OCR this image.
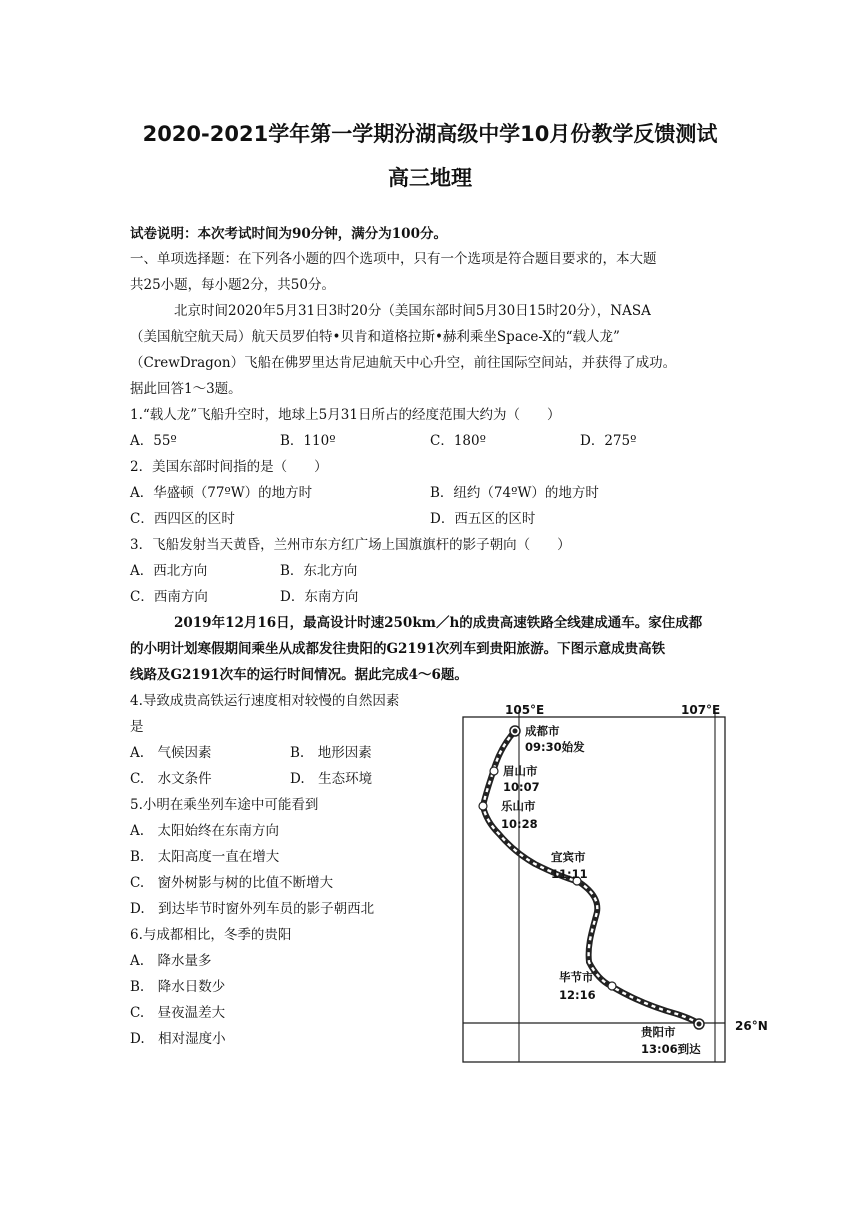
2020-2021学年第一学期汾湖高级中学10月份教学反馈测试
高三地理
试卷说明：本次考试时间为90分钟，满分为100分。
一、单项选择题：在下列各小题的四个选项中，只有一个选项是符合题目要求的，本大题
共25小题，每小题2分，共50分。
北京时间2020年5月31日3时20分（美国东部时间5月30日15时20分），NASA
（美国航空航天局）航天员罗伯特•贝肯和道格拉斯•赫利乘坐Space-X的“载人龙”
（CrewDragon）飞船在佛罗里达肯尼迪航天中心升空，前往国际空间站，并获得了成功。
据此回答1～3题。
1.“载人龙”飞船升空时，地球上5月31日所占的经度范围大约为（　　）
A．55º	B．110º	C．180º	D．275º
2．美国东部时间指的是（　　）
A．华盛顿（77ºW）的地方时	B．纽约（74ºW）的地方时
C．西四区的区时	D．西五区的区时
3．飞船发射当天黄昏，兰州市东方红广场上国旗旗杆的影子朝向（　　）
A．西北方向	B．东北方向
C．西南方向	D．东南方向
2019年12月16日，最高设计时速250km／h的成贵高速铁路全线建成通车。家住成都
的小明计划寒假期间乘坐从成都发往贵阳的G2191次列车到贵阳旅游。下图示意成贵高铁
线路及G2191次车的运行时间情况。据此完成4～6题。
4.导致成贵高铁运行速度相对较慢的自然因素
是
A.　气候因素	B.　地形因素
C.　水文条件	D.　生态环境
5.小明在乘坐列车途中可能看到
A.　太阳始终在东南方向
B.　太阳高度一直在增大
C.　窗外树影与树的比值不断增大
D.　到达毕节时窗外列车员的影子朝西北
6.与成都相比，冬季的贵阳
A.　降水量多
B.　降水日数少
C.　昼夜温差大
D.　相对湿度小
105°E	107°E
26°N
成都市
09:30始发
眉山市
10:07
乐山市
10:28
宜宾市
11:11
毕节市
12:16
贵阳市
13:06到达
